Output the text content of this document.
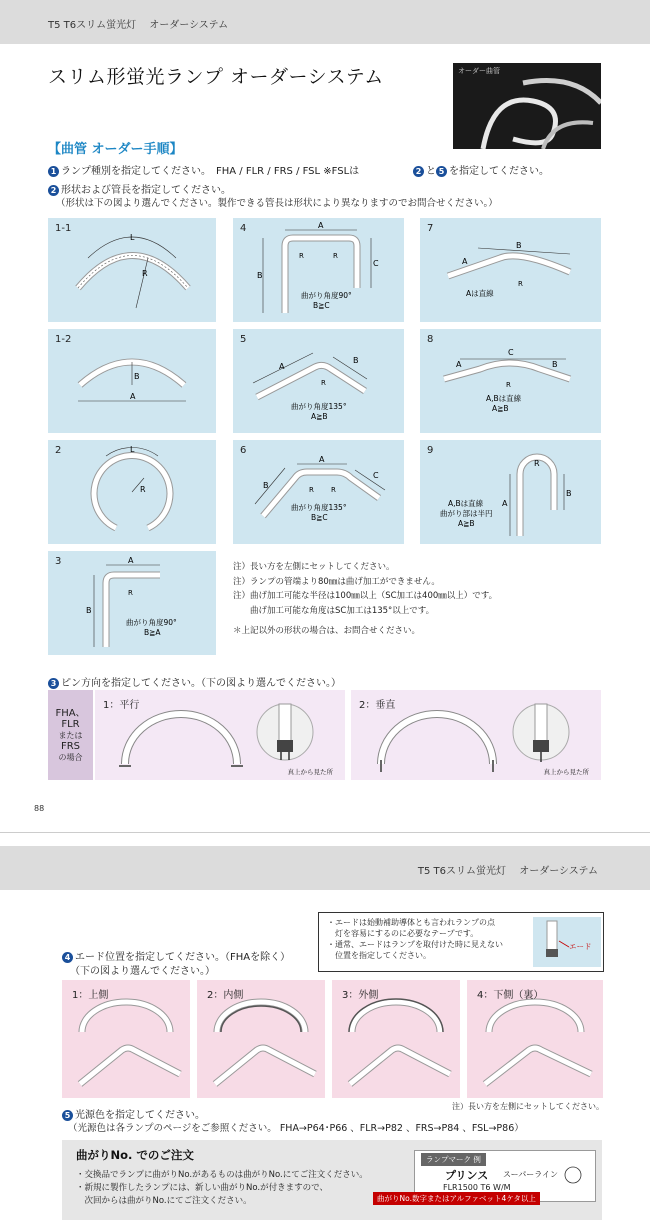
T5 T6スリム蛍光灯　 オーダーシステム
スリム形蛍光ランプ オーダーシステム	オーダー曲管
【曲管 オーダー手順】
1 ランプ種別を指定してください。　FHA / FLR / FRS / FSL ※FSLは	2 と 5 を指定してください。
2 形状および管長を指定してください。
（形状は下の図より選んでください。製作できる管長は形状により異なりますのでお問合せください。）
1-1
L
R
4	A
R	R
B
C
曲がり角度90°
B≧C
7
B
A
R
Aは直線
1-2
B
A
5
A
B
R
曲がり角度135°
A≧B
8
C
A	B
R
A,Bは直線
A≧B
2	L
R
6
A
B
C
R R
曲がり角度135°
B≧C
9
R
A
B
A,Bは直線
曲がり部は半円
A≧B
3	A
R
B
曲がり角度90°
B≧A
注）長い方を左側にセットしてください。
注）ランプの管端より80㎜は曲げ加工ができません。
注）曲げ加工可能な半径は100㎜以上（SC加工は400㎜以上）です。
　　曲げ加工可能な角度はSC加工は135°以上です。
＊上記以外の形状の場合は、お問合せください。
3 ピン方向を指定してください。（下の図より選んでください。）
FHA、
FLR
または
FRS
の場合
1：平行
真上から見た所
2：垂直
真上から見た所
88
T5 T6スリム蛍光灯　 オーダーシステム
・エードは始動補助導体とも言われランプの点
　灯を容易にするのに必要なテープです。
・通常、エードはランプを取付けた時に見えない
　位置を指定してください。
エード
4 エード位置を指定してください。（FHAを除く）
（下の図より選んでください。）
1：上側	2：内側	3：外側	4：下側（裏）
注）長い方を左側にセットしてください。
5 光源色を指定してください。
（光源色は各ランプのページをご参照ください。 FHA→P64･P66 、FLR→P82 、FRS→P84 、FSL→P86）
曲がりNo. でのご注文
・交換品でランプに曲がりNo.があるものは曲がりNo.にてご注文ください。
・新規に製作したランプには、新しい曲がりNo.が付きますので、
　次回からは曲がりNo.にてご注文ください。
ランプマーク 例
プリンス スーパーライン
FLR1500 T6 W/M
曲がりNo.数字またはアルファベット4ケタ以上
